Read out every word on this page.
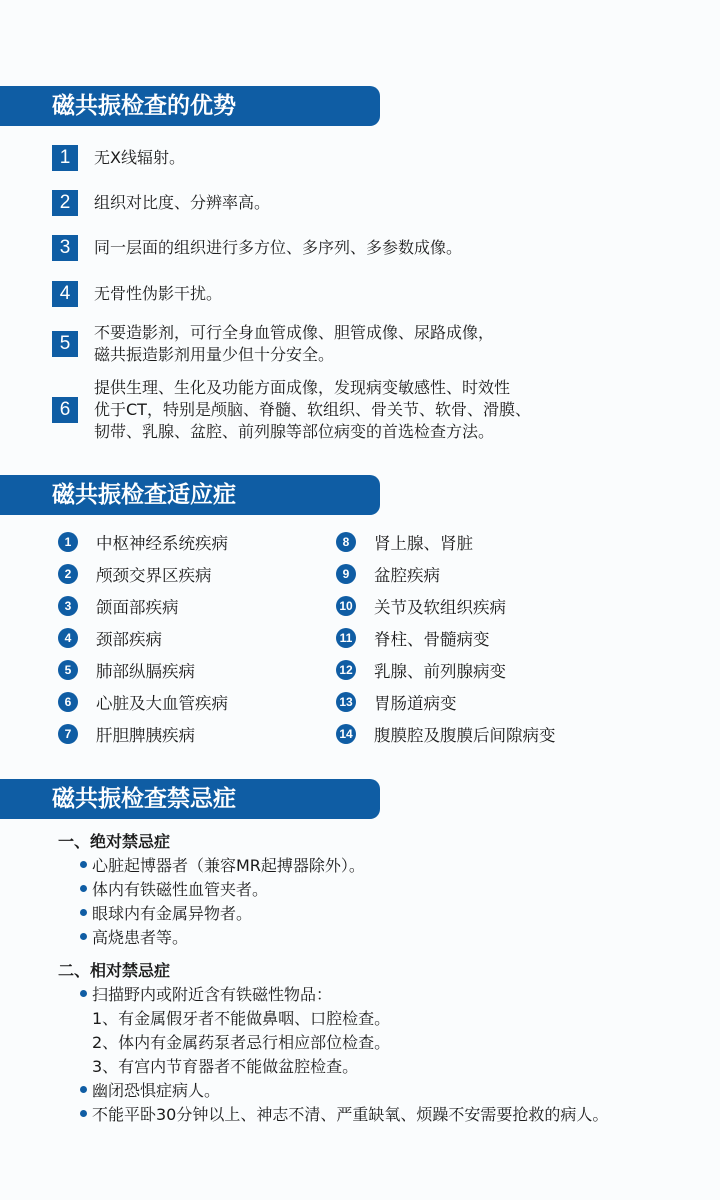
磁共振检查的优势
1	无X线辐射。
2	组织对比度、分辨率高。
3	同一层面的组织进行多方位、多序列、多参数成像。
4	无骨性伪影干扰。
5
不要造影剂，可行全身血管成像、胆管成像、尿路成像，
磁共振造影剂用量少但十分安全。
6
提供生理、生化及功能方面成像，发现病变敏感性、时效性
优于CT，特别是颅脑、脊髓、软组织、骨关节、软骨、滑膜、
韧带、乳腺、盆腔、前列腺等部位病变的首选检查方法。
磁共振检查适应症
1	中枢神经系统疾病
2	颅颈交界区疾病
3	颌面部疾病
4	颈部疾病
5	肺部纵膈疾病
6	心脏及大血管疾病
7	肝胆脾胰疾病
8	肾上腺、肾脏
9	盆腔疾病
10 关节及软组织疾病
11 脊柱、骨髓病变
12 乳腺、前列腺病变
13 胃肠道病变
14 腹膜腔及腹膜后间隙病变
磁共振检查禁忌症
一、绝对禁忌症
心脏起博器者（兼容MR起搏器除外）。
体内有铁磁性血管夹者。
眼球内有金属异物者。
高烧患者等。
二、相对禁忌症
扫描野内或附近含有铁磁性物品：
1、有金属假牙者不能做鼻咽、口腔检查。
2、体内有金属药泵者忌行相应部位检查。
3、有宫内节育器者不能做盆腔检查。
幽闭恐惧症病人。
不能平卧30分钟以上、神志不清、严重缺氧、烦躁不安需要抢救的病人。
